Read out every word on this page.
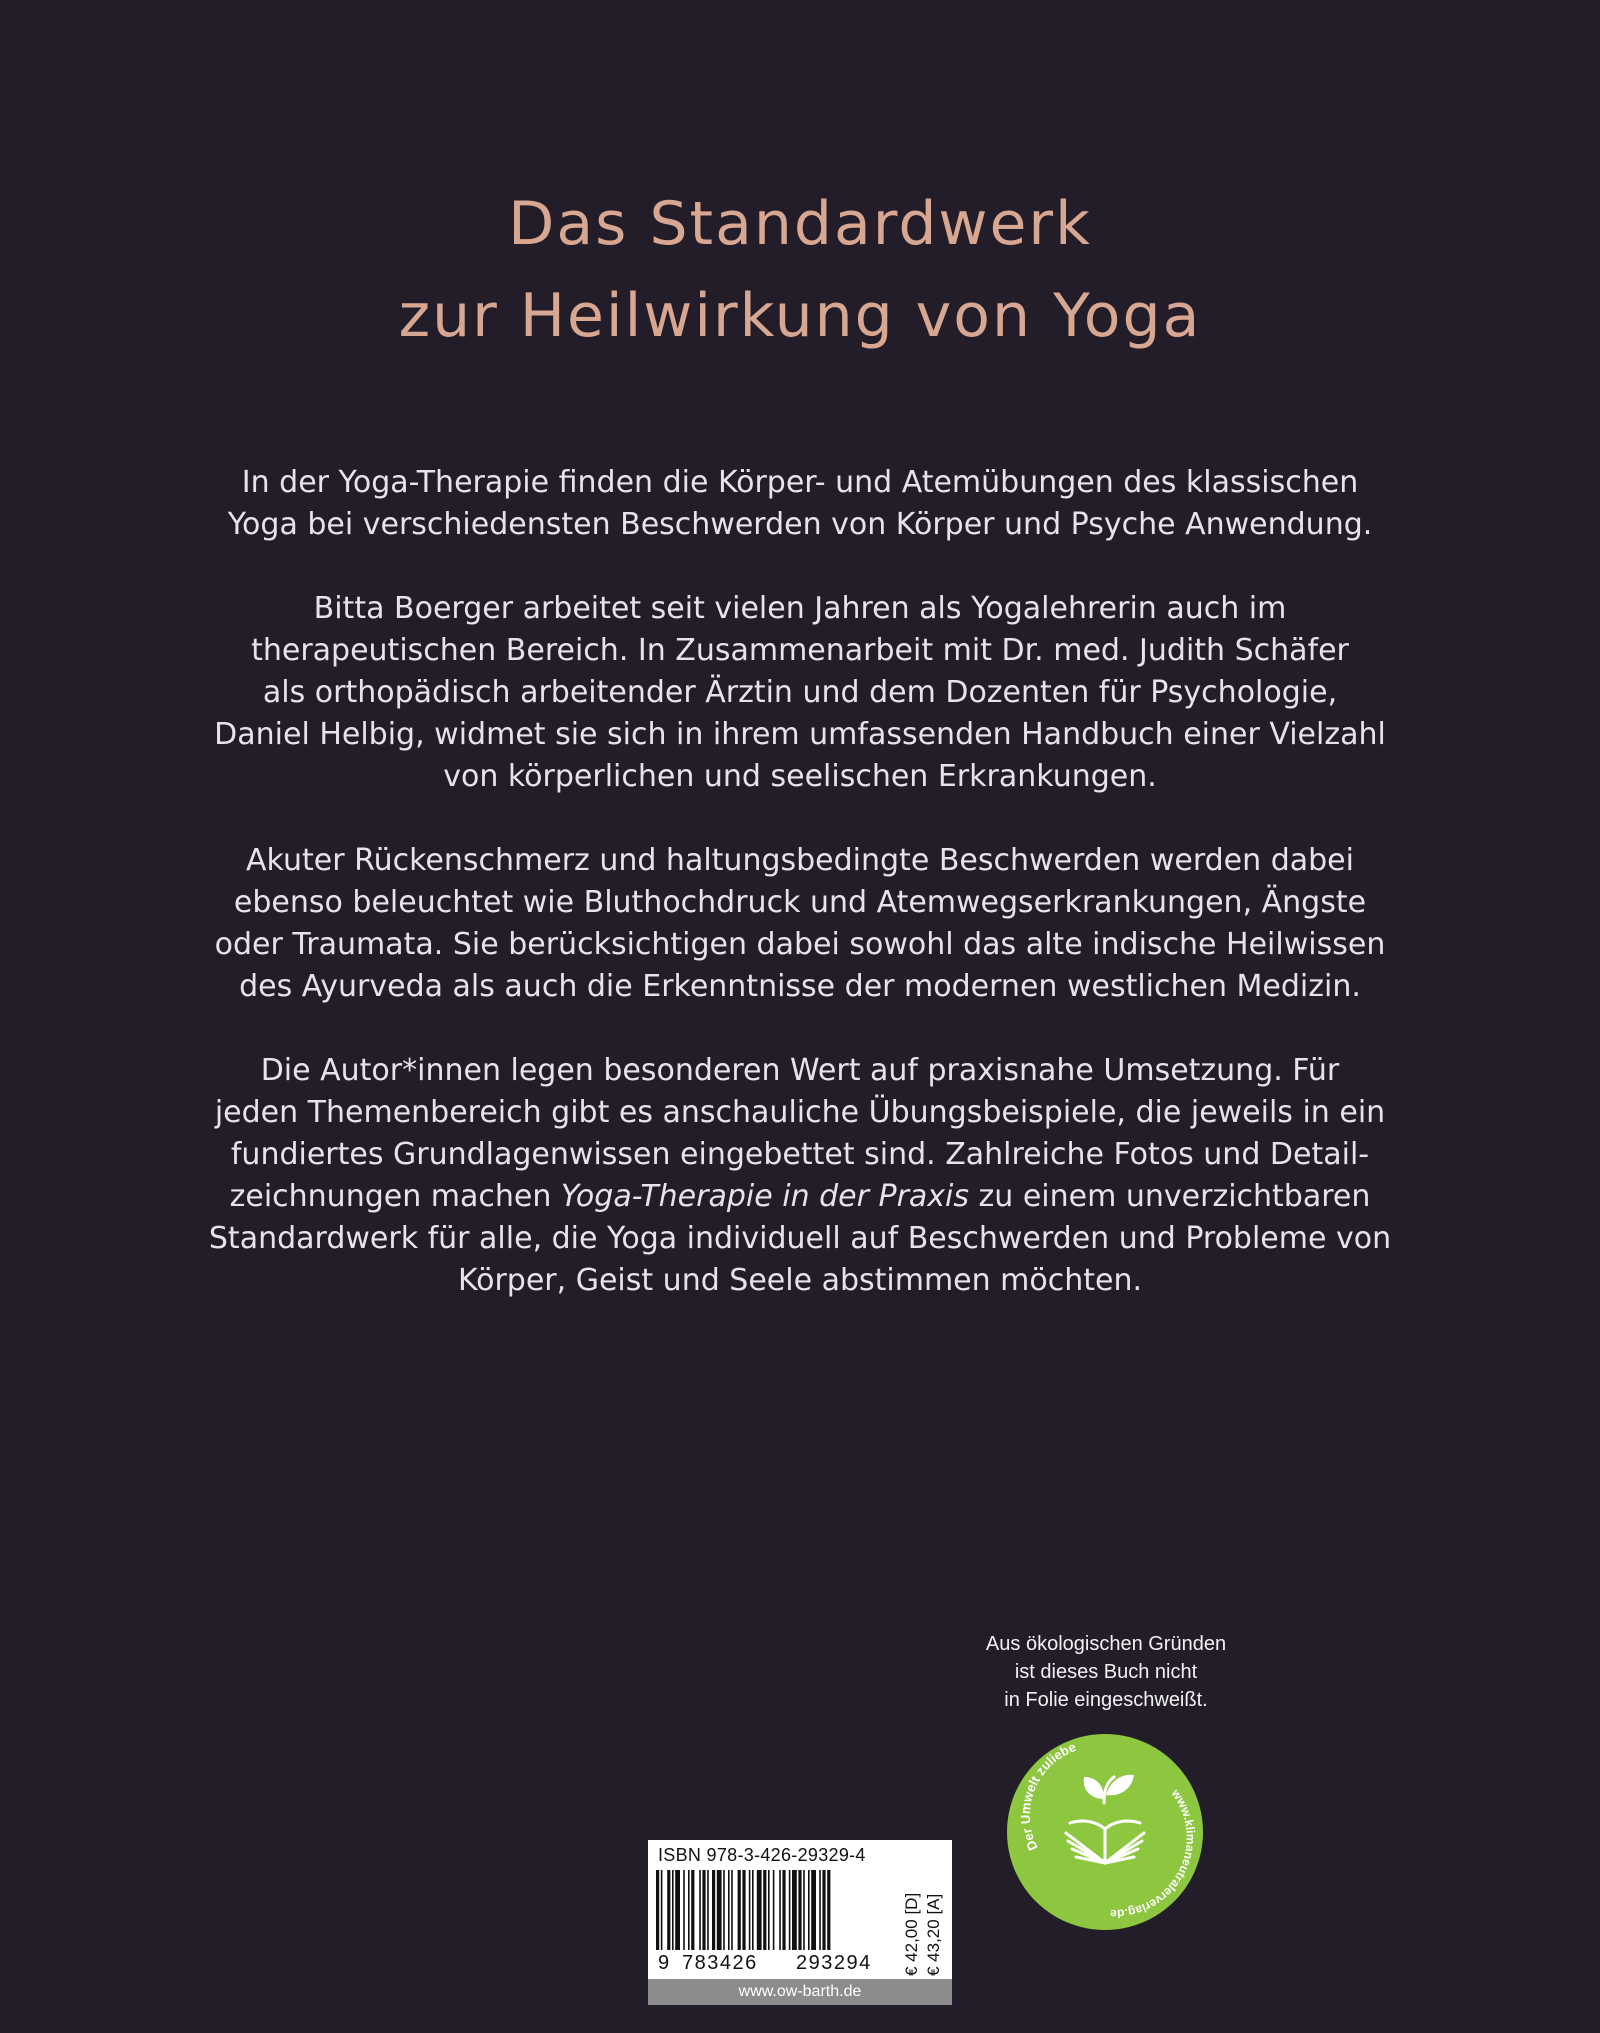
Das Standardwerk
zur Heilwirkung von Yoga

In der Yoga-Therapie finden die Körper- und Atemübungen des klassischen
Yoga bei verschiedensten Beschwerden von Körper und Psyche Anwendung.

Bitta Boerger arbeitet seit vielen Jahren als Yogalehrerin auch im
therapeutischen Bereich. In Zusammenarbeit mit Dr. med. Judith Schäfer
als orthopädisch arbeitender Ärztin und dem Dozenten für Psychologie,
Daniel Helbig, widmet sie sich in ihrem umfassenden Handbuch einer Vielzahl
von körperlichen und seelischen Erkrankungen.

Akuter Rückenschmerz und haltungsbedingte Beschwerden werden dabei
ebenso beleuchtet wie Bluthochdruck und Atemwegserkrankungen, Ängste
oder Traumata. Sie berücksichtigen dabei sowohl das alte indische Heilwissen
des Ayurveda als auch die Erkenntnisse der modernen westlichen Medizin.

Die Autor*innen legen besonderen Wert auf praxisnahe Umsetzung. Für
jeden Themenbereich gibt es anschauliche Übungsbeispiele, die jeweils in ein
fundiertes Grundlagenwissen eingebettet sind. Zahlreiche Fotos und Detail-
zeichnungen machen Yoga-Therapie in der Praxis zu einem unverzichtbaren
Standardwerk für alle, die Yoga individuell auf Beschwerden und Probleme von
Körper, Geist und Seele abstimmen möchten.

Aus ökologischen Gründen
ist dieses Buch nicht
in Folie eingeschweißt.
Der Umwelt zuliebe
www.klimaneutralerverlag.de
ISBN 978-3-426-29329-4
9 783426 293294 € 42,00 [D] € 43,20 [A]
www.ow-barth.de
